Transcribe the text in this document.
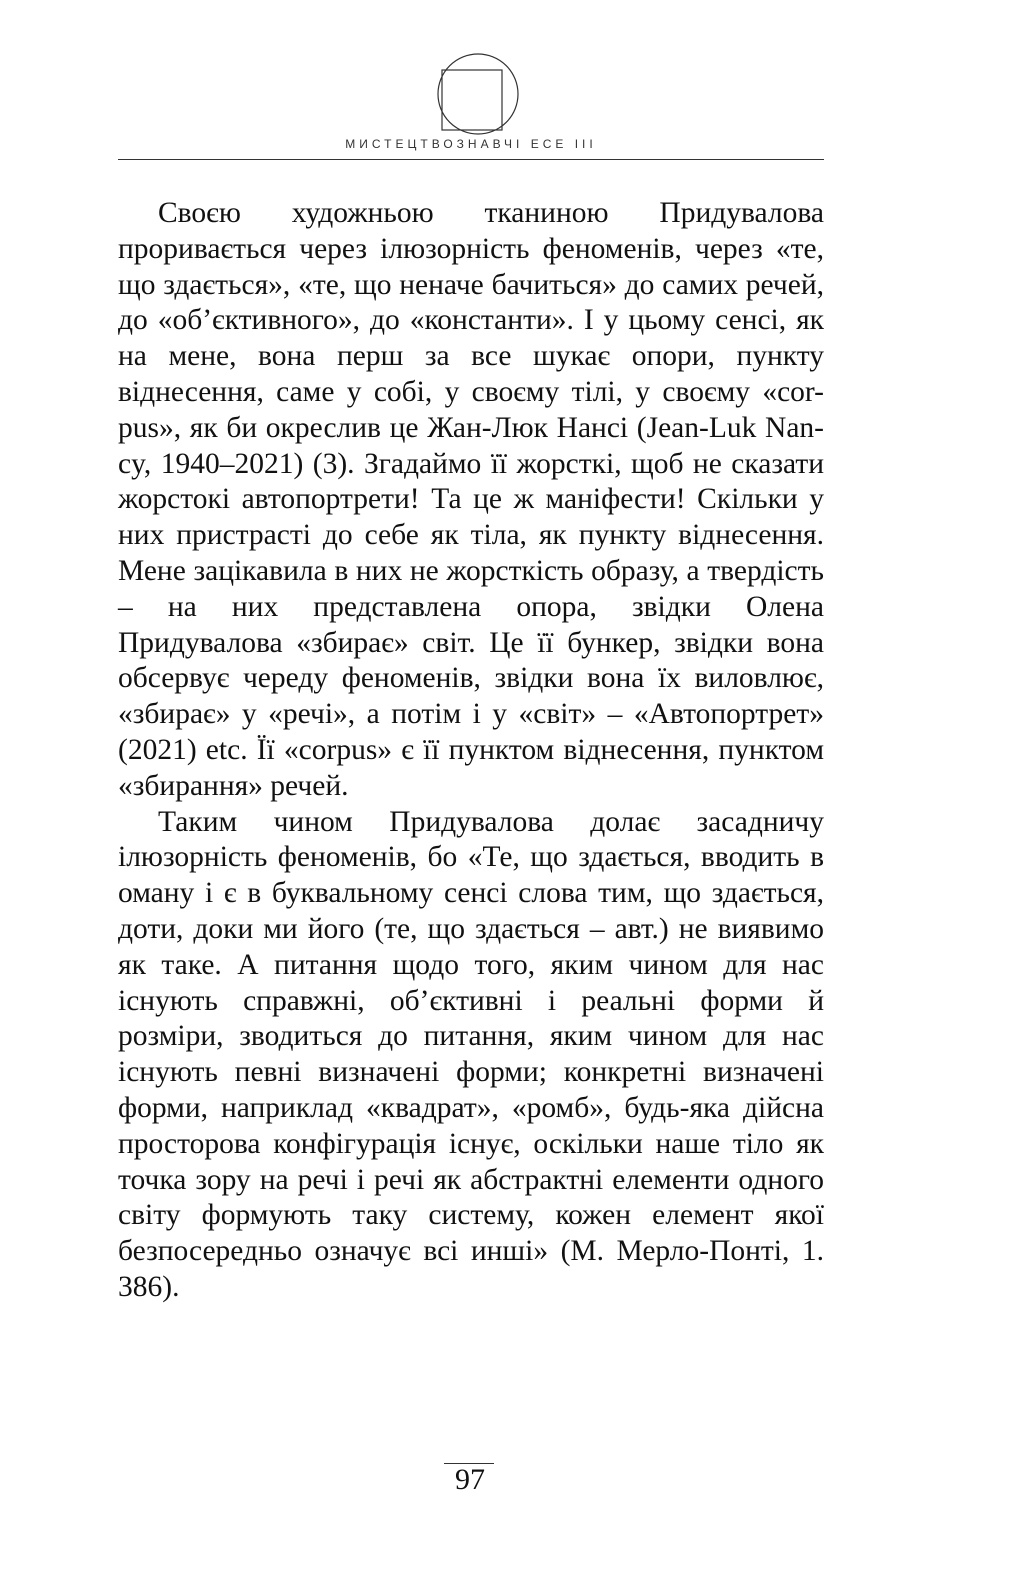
МИСТЕЦТВОЗНАВЧІ ЕСЕ ІІІ

Своєю художньою тканиною Придувалова проривається через ілюзорність феноменів, через «те, що здається», «те, що неначе бачиться» до самих речей, до «об’єктивного», до «константи». І у цьому сенсі, як на мене, вона перш за все шукає опори, пункту віднесення, саме у собі, у своєму тілі, у своєму «cor-pus», як би окреслив це Жан-Люк Нансі (Jean-Luk Nan-cy, 1940–2021) (3). Згадаймо її жорсткі, щоб не сказати жорстокі автопортрети! Та це ж маніфести! Скільки у них пристрасті до себе як тіла, як пункту віднесення. Мене зацікавила в них не жорсткість образу, а твердість – на них представлена опора, звідки Олена Придувалова «збирає» світ. Це її бункер, звідки вона обсервує череду феноменів, звідки вона їх виловлює, «збирає» у «речі», а потім і у «світ» – «Автопортрет» (2021) etc. Її «corpus» є її пунктом віднесення, пунктом «збирання» речей.

Таким чином Придувалова долає засадничу ілюзорність феноменів, бо «Те, що здається, вводить в оману і є в буквальному сенсі слова тим, що здається, доти, доки ми його (те, що здається – авт.) не виявимо як таке. А питання щодо того, яким чином для нас існують справжні, об’єктивні і реальні форми й розміри, зводиться до питання, яким чином для нас існують певні визначені форми; конкретні визначені форми, наприклад «квадрат», «ромб», будь-яка дійсна просторова конфігурація існує, оскільки наше тіло як точка зору на речі і речі як абстрактні елементи одного світу формують таку систему, кожен елемент якої безпосередньо означує всі инші» (М. Мерло-Понті, 1. 386).

97
